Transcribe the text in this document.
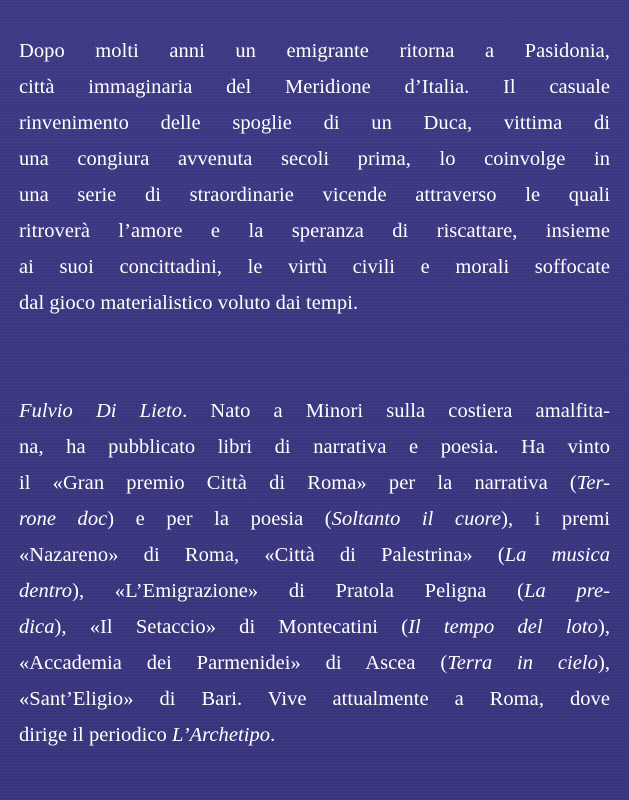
Dopo molti anni un emigrante ritorna a Pasidonia,
città immaginaria del Meridione d’Italia. Il casuale
rinvenimento delle spoglie di un Duca, vittima di
una congiura avvenuta secoli prima, lo coinvolge in
una serie di straordinarie vicende attraverso le quali
ritroverà l’amore e la speranza di riscattare, insieme
ai suoi concittadini, le virtù civili e morali soffocate
dal gioco materialistico voluto dai tempi.
Fulvio Di Lieto. Nato a Minori sulla costiera amalfita-
na, ha pubblicato libri di narrativa e poesia. Ha vinto
il «Gran premio Città di Roma» per la narrativa (Ter-
rone doc) e per la poesia (Soltanto il cuore), i premi
«Nazareno» di Roma, «Città di Palestrina» (La musica
dentro), «L’Emigrazione» di Pratola Peligna (La pre-
dica), «Il Setaccio» di Montecatini (Il tempo del loto),
«Accademia dei Parmenidei» di Ascea (Terra in cielo),
«Sant’Eligio» di Bari. Vive attualmente a Roma, dove
dirige il periodico L’Archetipo.
